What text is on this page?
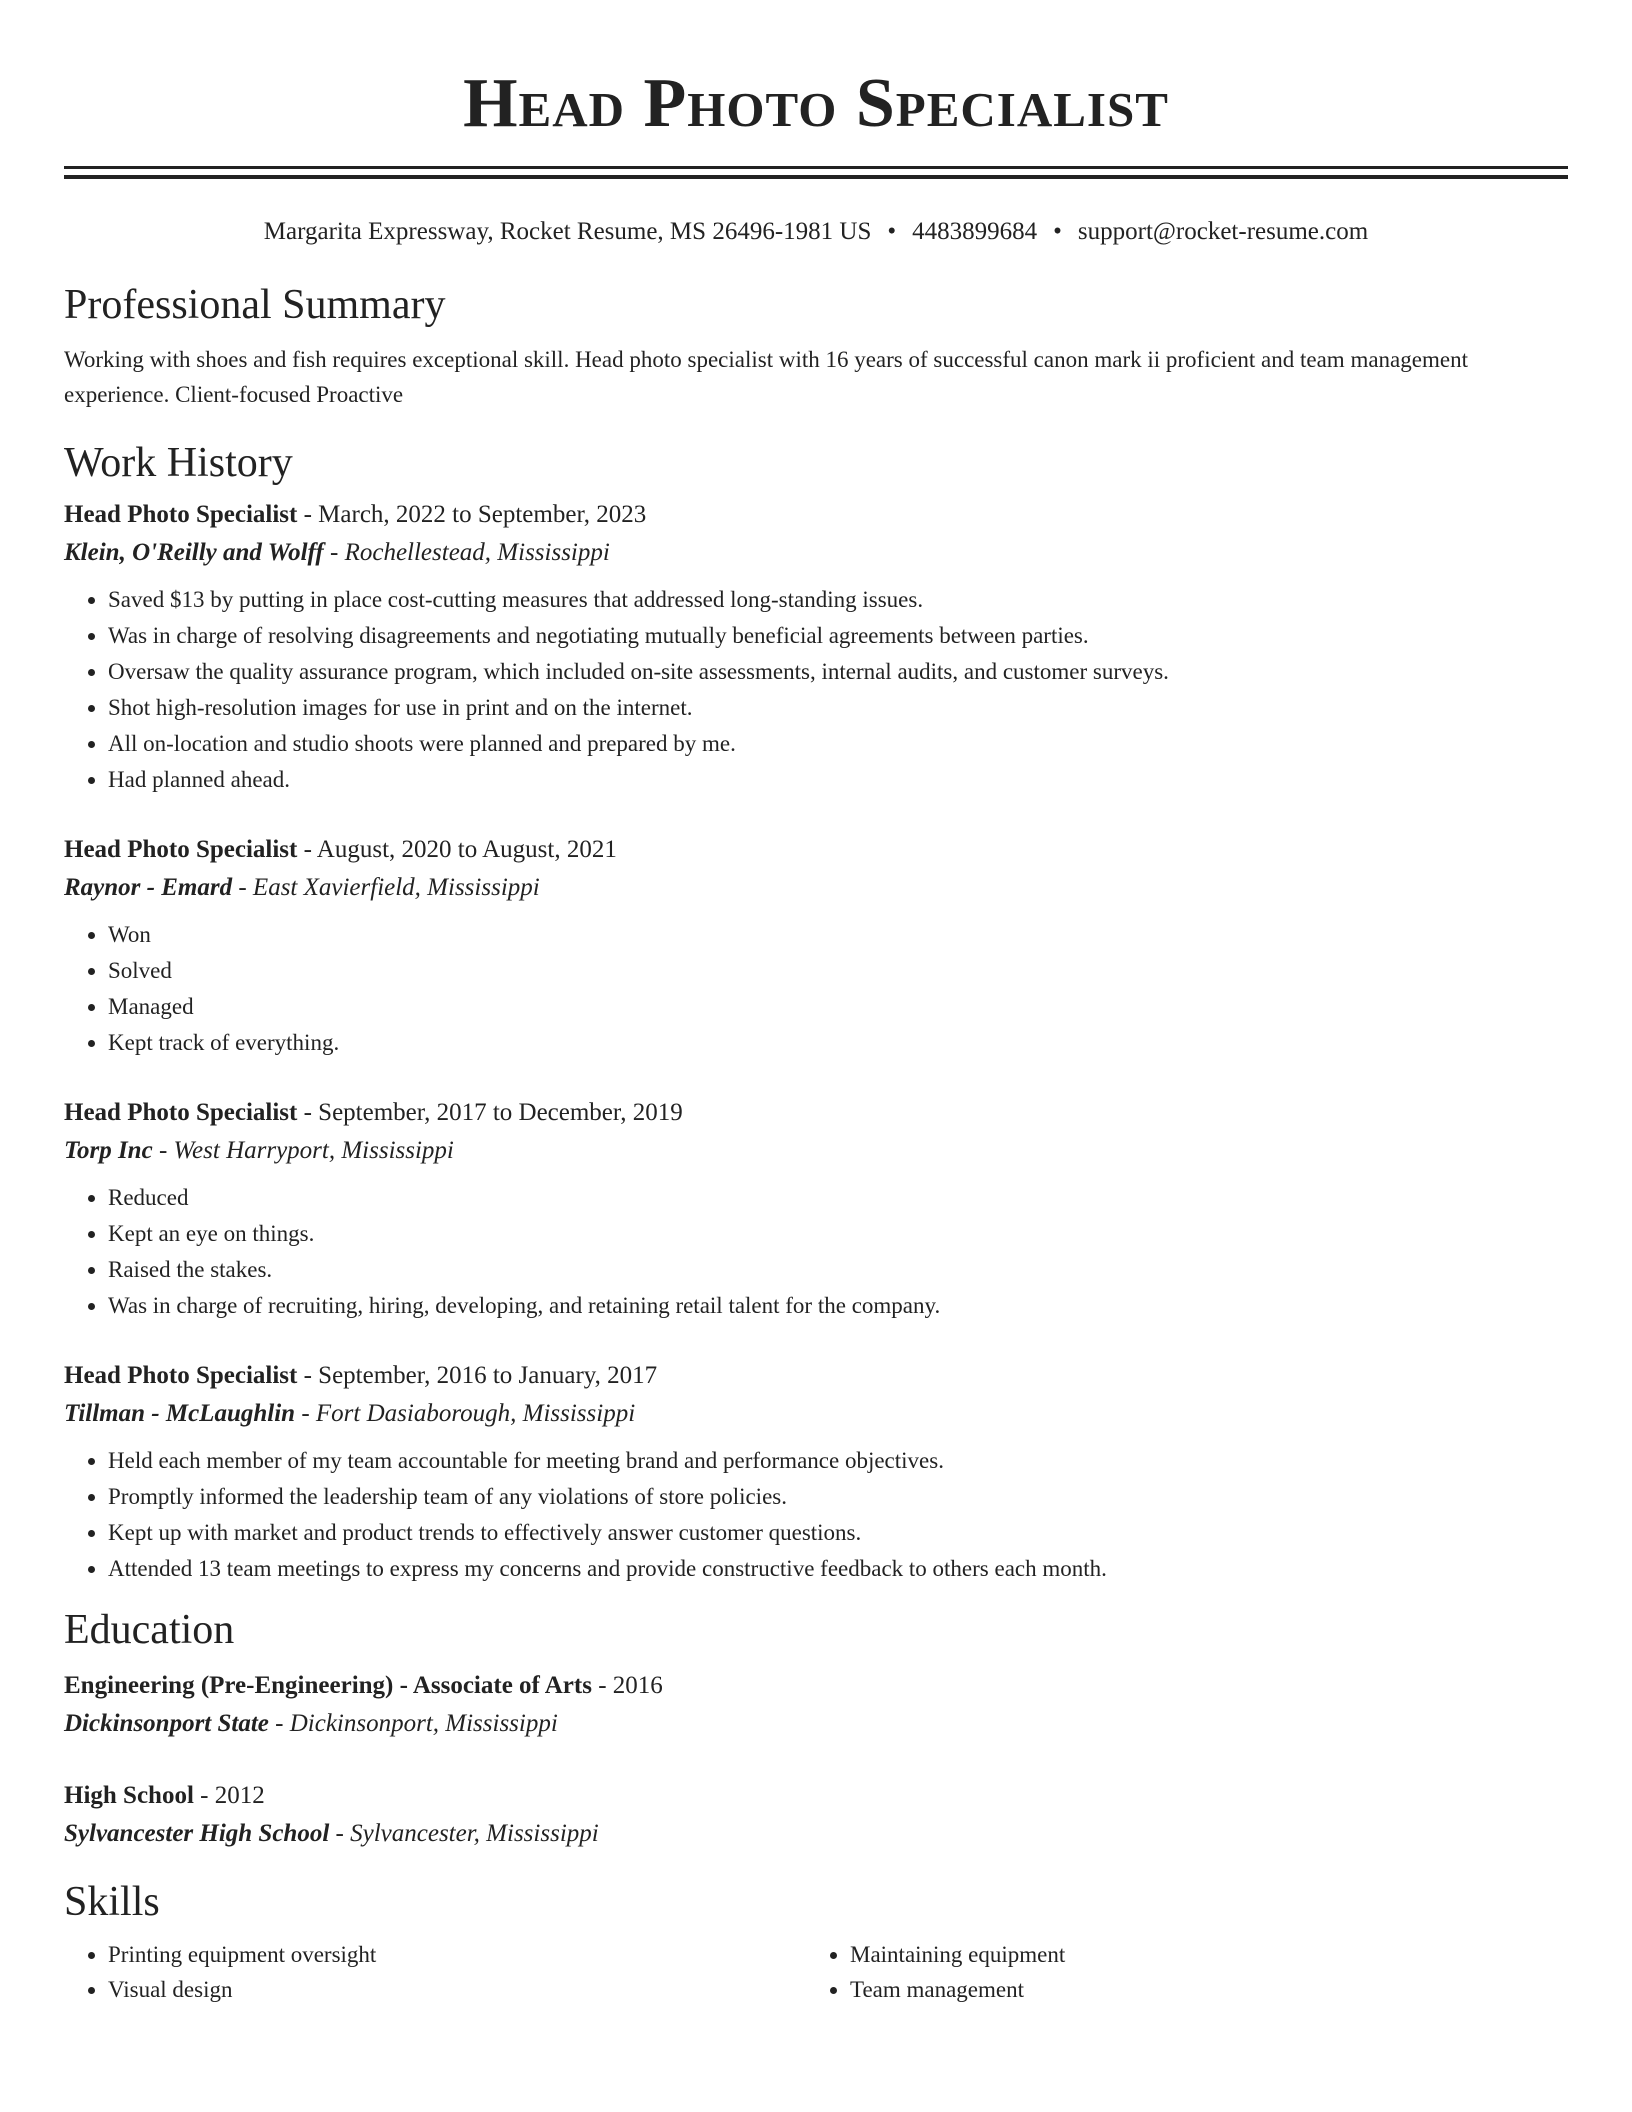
Head Photo Specialist
Margarita Expressway, Rocket Resume, MS 26496-1981 US • 4483899684 • support@rocket-resume.com
Professional Summary

Working with shoes and fish requires exceptional skill. Head photo specialist with 16 years of successful canon mark ii proficient and team management experience. Client-focused Proactive

Work History
Head Photo Specialist - March, 2022 to September, 2023
Klein, O'Reilly and Wolff - Rochellestead, Mississippi
• Saved $13 by putting in place cost-cutting measures that addressed long-standing issues.
• Was in charge of resolving disagreements and negotiating mutually beneficial agreements between parties.
• Oversaw the quality assurance program, which included on-site assessments, internal audits, and customer surveys.
• Shot high-resolution images for use in print and on the internet.
• All on-location and studio shoots were planned and prepared by me.
• Had planned ahead.
Head Photo Specialist - August, 2020 to August, 2021
Raynor - Emard - East Xavierfield, Mississippi
• Won
• Solved
• Managed
• Kept track of everything.
Head Photo Specialist - September, 2017 to December, 2019
Torp Inc - West Harryport, Mississippi
• Reduced
• Kept an eye on things.
• Raised the stakes.
• Was in charge of recruiting, hiring, developing, and retaining retail talent for the company.
Head Photo Specialist - September, 2016 to January, 2017
Tillman - McLaughlin - Fort Dasiaborough, Mississippi
• Held each member of my team accountable for meeting brand and performance objectives.
• Promptly informed the leadership team of any violations of store policies.
• Kept up with market and product trends to effectively answer customer questions.
• Attended 13 team meetings to express my concerns and provide constructive feedback to others each month.
Education
Engineering (Pre-Engineering) - Associate of Arts - 2016
Dickinsonport State - Dickinsonport, Mississippi
High School - 2012
Sylvancester High School - Sylvancester, Mississippi
Skills
• Printing equipment oversight
• Visual design
• Maintaining equipment
• Team management
